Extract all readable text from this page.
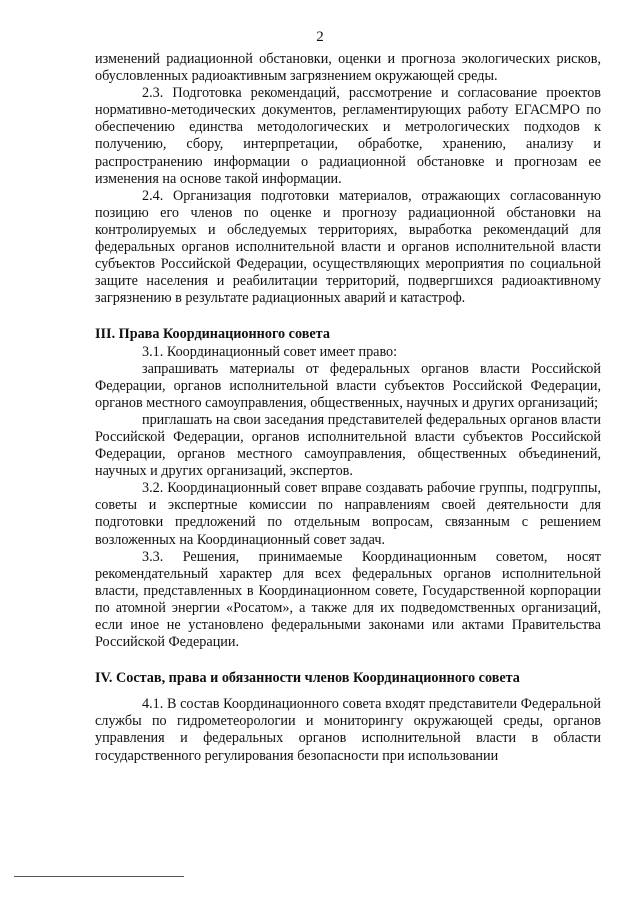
2

изменений радиационной обстановки, оценки и прогноза экологических рисков, обусловленных радиоактивным загрязнением окружающей среды.

2.3. Подготовка рекомендаций, рассмотрение и согласование проектов нормативно-методических документов, регламентирующих работу ЕГАСМРО по обеспечению единства методологических и метрологических подходов к получению, сбору, интерпретации, обработке, хранению, анализу и распространению информации о радиационной обстановке и прогнозам ее изменения на основе такой информации.

2.4. Организация подготовки материалов, отражающих согласованную позицию его членов по оценке и прогнозу радиационной обстановки на контролируемых и обследуемых территориях, выработка рекомендаций для федеральных органов исполнительной власти и органов исполнительной власти субъектов Российской Федерации, осуществляющих мероприятия по социальной защите населения и реабилитации территорий, подвергшихся радиоактивному загрязнению в результате радиационных аварий и катастроф.

III. Права Координационного совета

3.1. Координационный совет имеет право:

запрашивать материалы от федеральных органов власти Российской Федерации, органов исполнительной власти субъектов Российской Федерации, органов местного самоуправления, общественных, научных и других организаций;

приглашать на свои заседания представителей федеральных органов власти Российской Федерации, органов исполнительной власти субъектов Российской Федерации, органов местного самоуправления, общественных объединений, научных и других организаций, экспертов.

3.2. Координационный совет вправе создавать рабочие группы, подгруппы, советы и экспертные комиссии по направлениям своей деятельности для подготовки предложений по отдельным вопросам, связанным с решением возложенных на Координационный совет задач.

3.3. Решения, принимаемые Координационным советом, носят рекомендательный характер для всех федеральных органов исполнительной власти, представленных в Координационном совете, Государственной корпорации по атомной энергии «Росатом», а также для их подведомственных организаций, если иное не установлено федеральными законами или актами Правительства Российской Федерации.

IV. Состав, права и обязанности членов Координационного совета

4.1. В состав Координационного совета входят представители Федеральной службы по гидрометеорологии и мониторингу окружающей среды, органов управления и федеральных органов исполнительной власти в области государственного регулирования безопасности при использовании
